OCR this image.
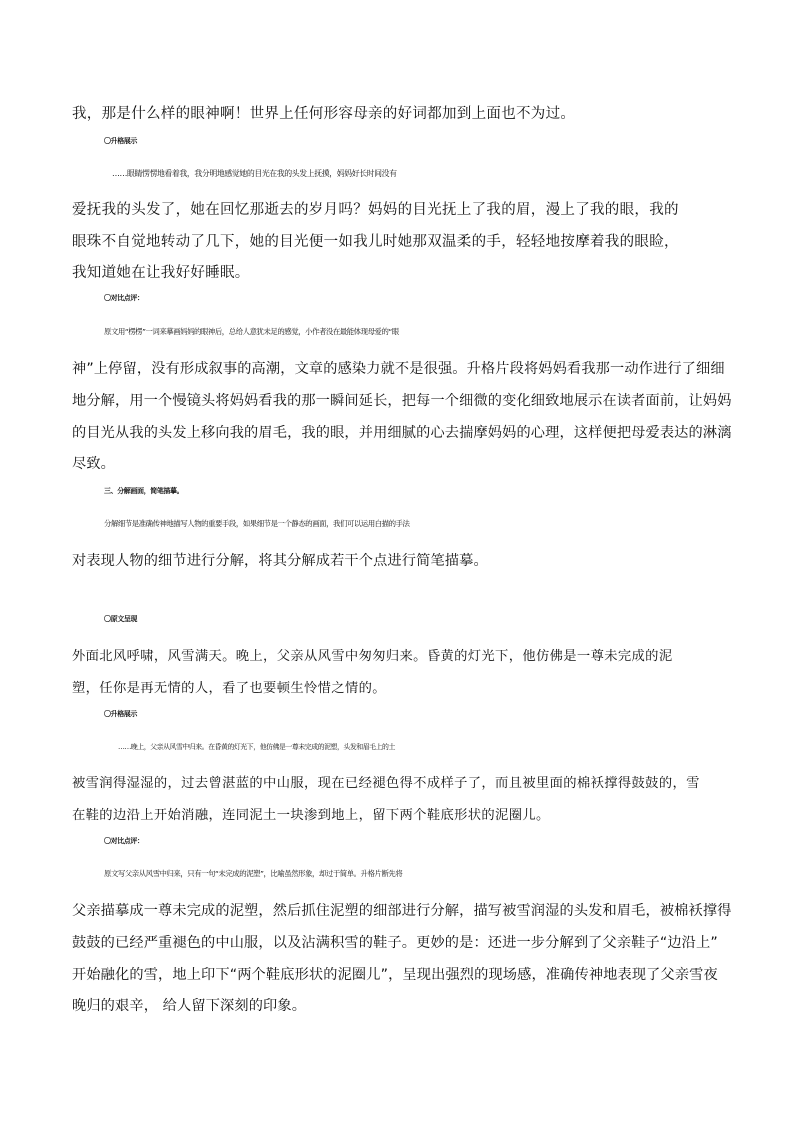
我，那是什么样的眼神啊！世界上任何形容母亲的好词都加到上面也不为过。
〇升格展示
……眼睛愣愣地看着我，我分明地感觉她的目光在我的头发上抚摸，妈妈好长时间没有
爱抚我的头发了，她在回忆那逝去的岁月吗？妈妈的目光抚上了我的眉，漫上了我的眼，我的
眼珠不自觉地转动了几下，她的目光便一如我儿时她那双温柔的手，轻轻地按摩着我的眼睑，
我知道她在让我好好睡眠。
〇对比点评：
原文用“楞楞”一词来摹画妈妈的眼神后，总给人意犹未足的感觉，小作者没在最能体现母爱的“眼
神”上停留，没有形成叙事的高潮，文章的感染力就不是很强。升格片段将妈妈看我那一动作进行了细细
地分解，用一个慢镜头将妈妈看我的那一瞬间延长，把每一个细微的变化细致地展示在读者面前，让妈妈
的目光从我的头发上移向我的眉毛，我的眼，并用细腻的心去揣摩妈妈的心理，这样便把母爱表达的淋漓
尽致。
三、分解画面，简笔描摹。
分解细节是准确传神地描写人物的重要手段，如果细节是一个静态的画面，我们可以运用白描的手法
对表现人物的细节进行分解，将其分解成若干个点进行简笔描摹。
〇原文呈现
外面北风呼啸，风雪满天。晚上，父亲从风雪中匆匆归来。昏黄的灯光下，他仿佛是一尊未完成的泥
塑，任你是再无情的人，看了也要顿生怜惜之情的。
〇升格展示
……晚上，父亲从风雪中归来。在昏黄的灯光下，他仿佛是一尊未完成的泥塑，头发和眉毛上的土
被雪润得湿湿的，过去曾湛蓝的中山服，现在已经褪色得不成样子了，而且被里面的棉袄撑得鼓鼓的，雪
在鞋的边沿上开始消融，连同泥土一块渗到地上，留下两个鞋底形状的泥圈儿。
〇对比点评：
原文写父亲从风雪中归来，只有一句“未完成的泥塑”，比喻虽然形象，却过于简单。升格片断先将
父亲描摹成一尊未完成的泥塑，然后抓住泥塑的细部进行分解，描写被雪润湿的头发和眉毛，被棉袄撑得
鼓鼓的已经严重褪色的中山服，以及沾满积雪的鞋子。更妙的是：还进一步分解到了父亲鞋子“边沿上”
开始融化的雪，地上印下“两个鞋底形状的泥圈儿”，呈现出强烈的现场感，准确传神地表现了父亲雪夜
晚归的艰辛， 给人留下深刻的印象。
